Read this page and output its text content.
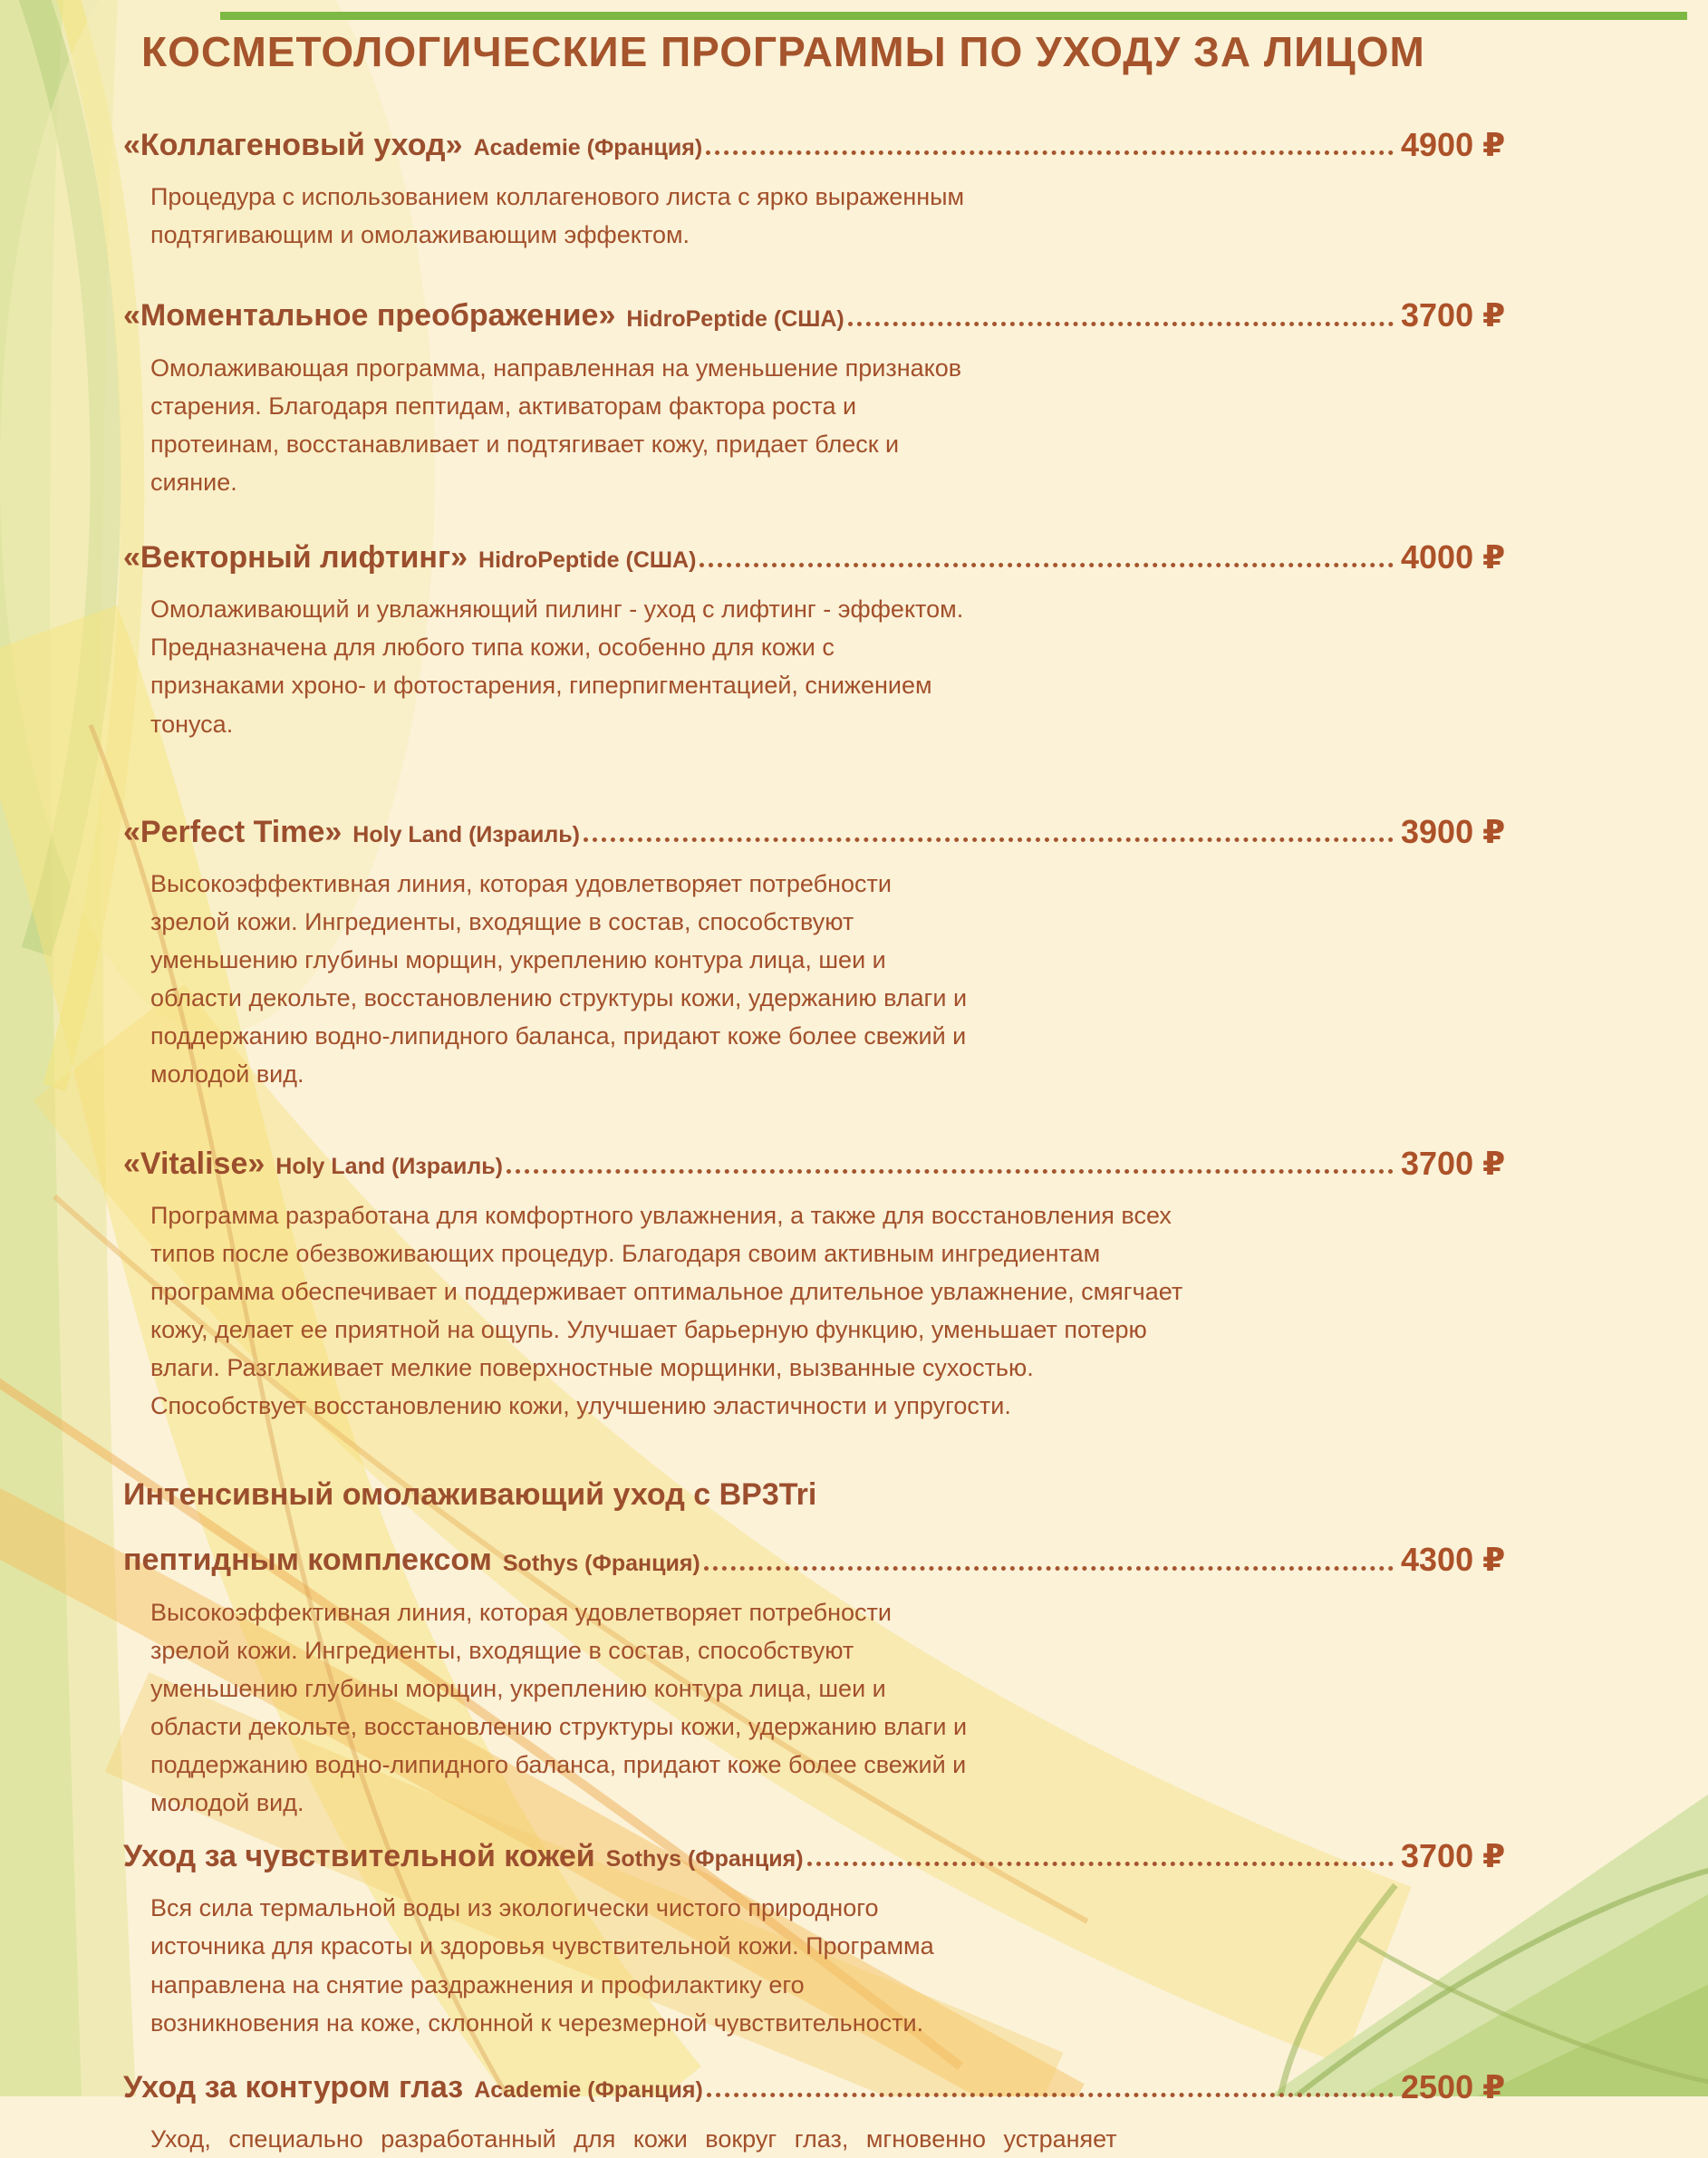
КОСМЕТОЛОГИЧЕСКИЕ ПРОГРАММЫ ПО УХОДУ ЗА ЛИЦОМ
«Коллагеновый уход» Academie (Франция)	4900 ₽

Процедура с использованием коллагенового листа с ярко выраженным подтягивающим и омолаживающим эффектом.

«Моментальное преображение» HidroPeptide (США)	3700 ₽

Омолаживающая программа, направленная на уменьшение признаков старения. Благодаря пептидам, активаторам фактора роста и протеинам, восстанавливает и подтягивает кожу, придает блеск и сияние.

«Векторный лифтинг» HidroPeptide (США)	4000 ₽

Омолаживающий и увлажняющий пилинг - уход с лифтинг - эффектом. Предназначена для любого типа кожи, особенно для кожи с признаками хроно- и фотостарения, гиперпигментацией, снижением тонуса.

«Perfect Time» Holy Land (Израиль)	3900 ₽

Высокоэффективная линия, которая удовлетворяет потребности зрелой кожи. Ингредиенты, входящие в состав, способствуют уменьшению глубины морщин, укреплению контура лица, шеи и области декольте, восстановлению структуры кожи, удержанию влаги и поддержанию водно-липидного баланса, придают коже более свежий и молодой вид.

«Vitalise» Holy Land (Израиль)	3700 ₽

Программа разработана для комфортного увлажнения, а также для восстановления всех типов после обезвоживающих процедур. Благодаря своим активным ингредиентам программа обеспечивает и поддерживает оптимальное длительное увлажнение, смягчает кожу, делает ее приятной на ощупь. Улучшает барьерную функцию, уменьшает потерю влаги. Разглаживает мелкие поверхностные морщинки, вызванные сухостью. Способствует восстановлению кожи, улучшению эластичности и упругости.

Интенсивный омолаживающий уход с BP3Tri
пептидным комплексом Sothys (Франция)	4300 ₽

Высокоэффективная линия, которая удовлетворяет потребности зрелой кожи. Ингредиенты, входящие в состав, способствуют уменьшению глубины морщин, укреплению контура лица, шеи и области декольте, восстановлению структуры кожи, удержанию влаги и поддержанию водно-липидного баланса, придают коже более свежий и молодой вид.

Уход за чувствительной кожей Sothys (Франция)	3700 ₽

Вся сила термальной воды из экологически чистого природного источника для красоты и здоровья чувствительной кожи. Программа направлена на снятие раздражнения и профилактику его возникновения на коже, склонной к черезмерной чувствительности.

Уход за контуром глаз Academie (Франция)	2500 ₽

Уход, специально разработанный для кожи вокруг глаз, мгновенно устраняет
